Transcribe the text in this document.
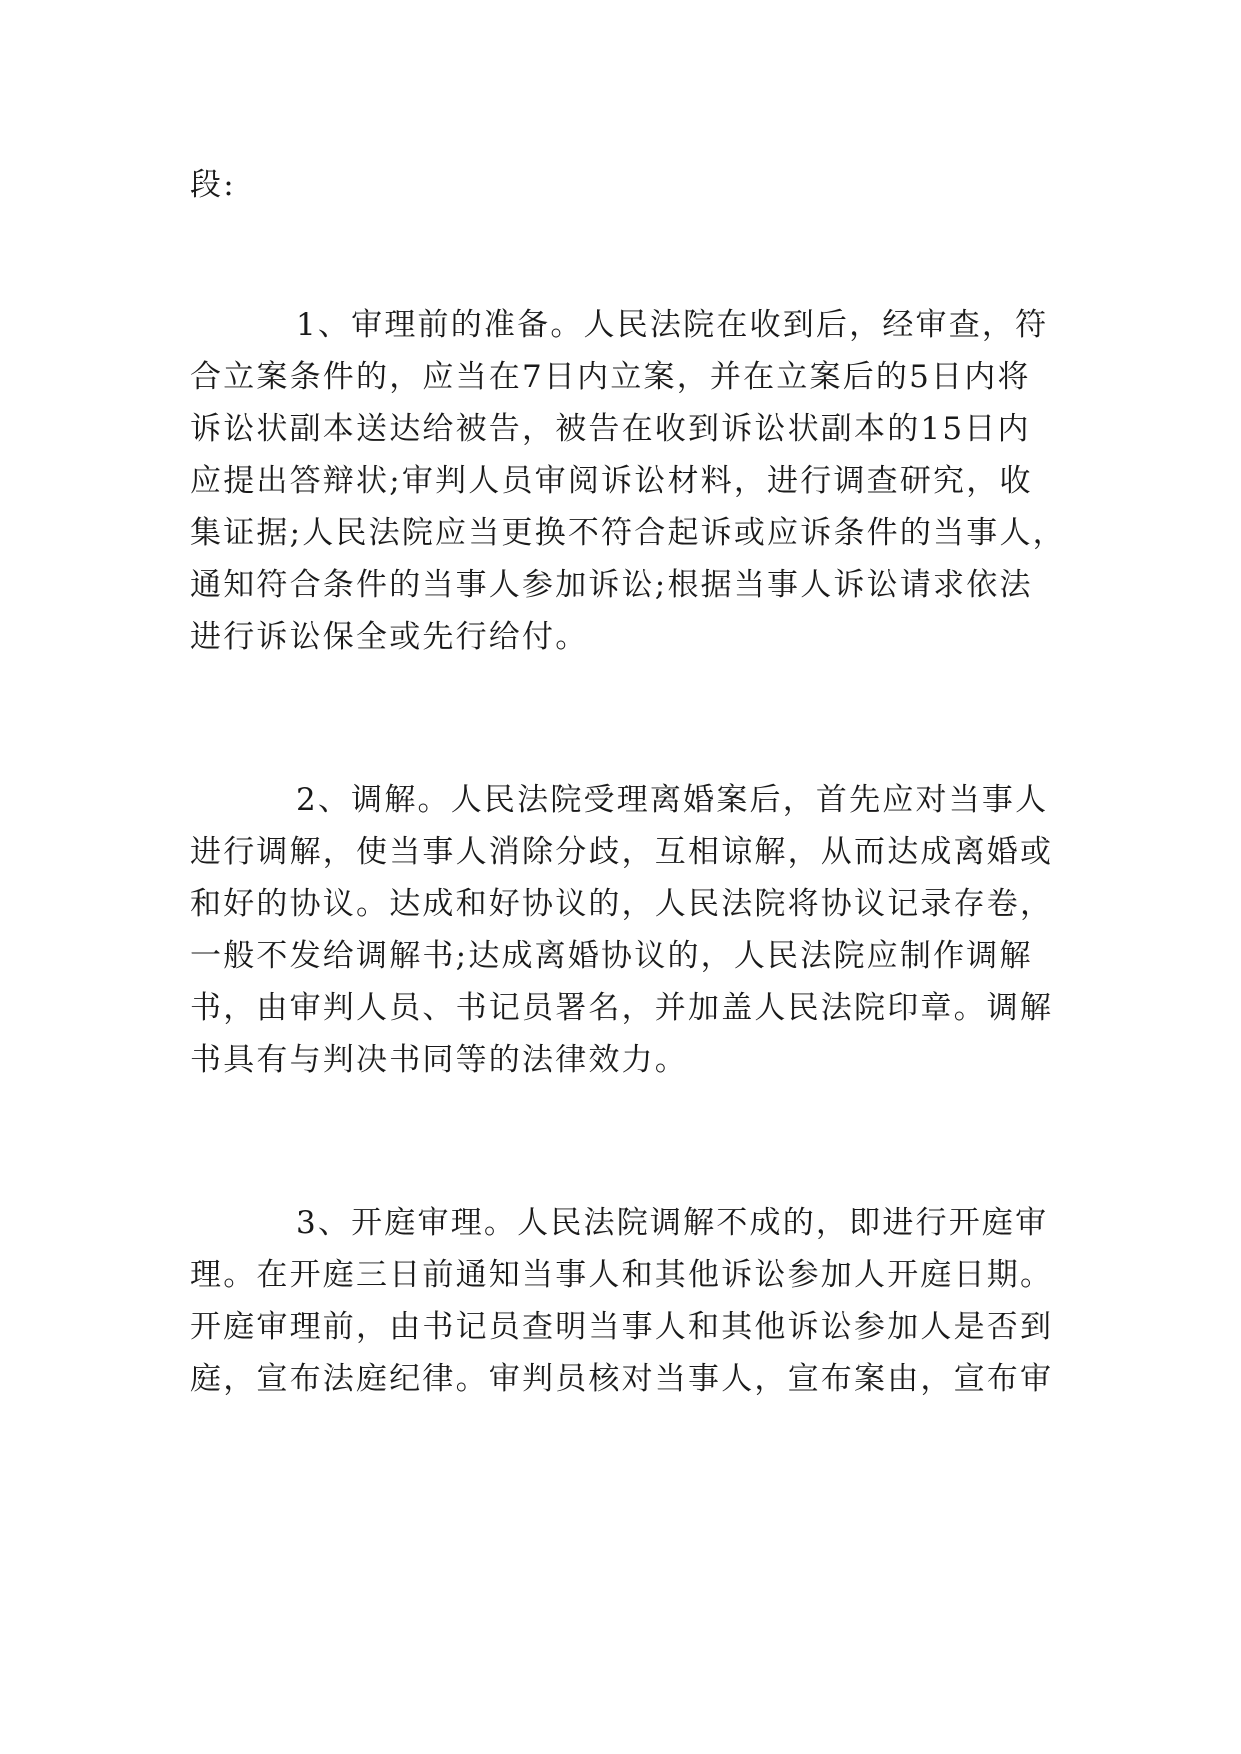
段:
1、审理前的准备。人民法院在收到后，经审查，符
合立案条件的，应当在7日内立案，并在立案后的5日内将
诉讼状副本送达给被告，被告在收到诉讼状副本的15日内
应提出答辩状;审判人员审阅诉讼材料，进行调查研究，收
集证据;人民法院应当更换不符合起诉或应诉条件的当事人，
通知符合条件的当事人参加诉讼;根据当事人诉讼请求依法
进行诉讼保全或先行给付。
2、调解。人民法院受理离婚案后，首先应对当事人
进行调解，使当事人消除分歧，互相谅解，从而达成离婚或
和好的协议。达成和好协议的，人民法院将协议记录存卷，
一般不发给调解书;达成离婚协议的，人民法院应制作调解
书，由审判人员、书记员署名，并加盖人民法院印章。调解
书具有与判决书同等的法律效力。
3、开庭审理。人民法院调解不成的，即进行开庭审
理。在开庭三日前通知当事人和其他诉讼参加人开庭日期。
开庭审理前，由书记员查明当事人和其他诉讼参加人是否到
庭，宣布法庭纪律。审判员核对当事人，宣布案由，宣布审
